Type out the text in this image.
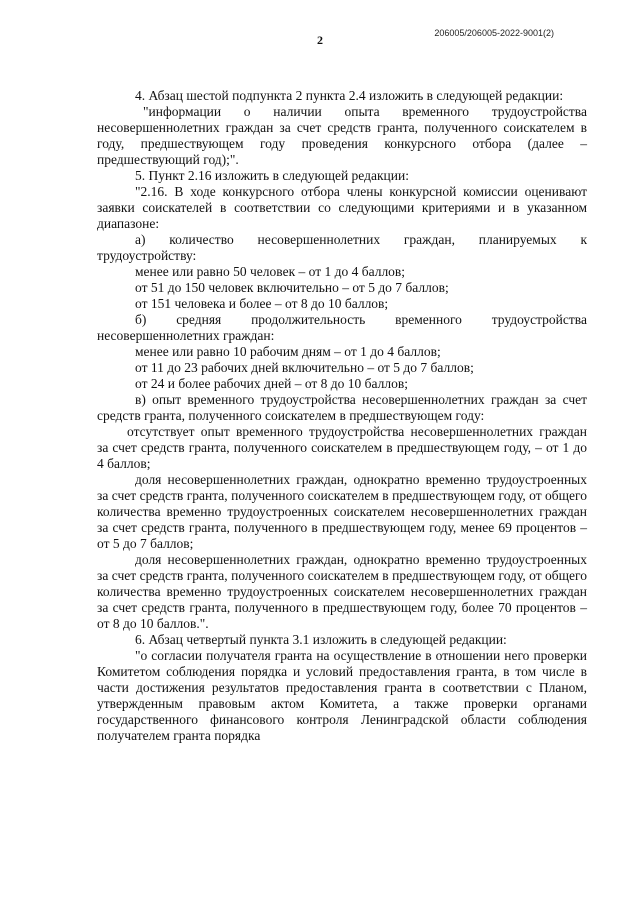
206005/206005-2022-9001(2)
2

4. Абзац шестой подпункта 2 пункта 2.4 изложить в следующей редакции:

"информации о наличии опыта временного трудоустройства несовершеннолетних граждан за счет средств гранта, полученного соискателем в году, предшествующем году проведения конкурсного отбора (далее – предшествующий год);".

5. Пункт 2.16 изложить в следующей редакции:

"2.16. В ходе конкурсного отбора члены конкурсной комиссии оценивают заявки соискателей в соответствии со следующими критериями и в указанном диапазоне:

а) количество несовершеннолетних граждан, планируемых к трудоустройству:

менее или равно 50 человек – от 1 до 4 баллов;

от 51 до 150 человек включительно – от 5 до 7 баллов;

от 151 человека и более – от 8 до 10 баллов;

б) средняя продолжительность временного трудоустройства несовершеннолетних граждан:

менее или равно 10 рабочим дням – от 1 до 4 баллов;

от 11 до 23 рабочих дней включительно – от 5 до 7 баллов;

от 24 и более рабочих дней – от 8 до 10 баллов;

в) опыт временного трудоустройства несовершеннолетних граждан за счет средств гранта, полученного соискателем в предшествующем году:

отсутствует опыт временного трудоустройства несовершеннолетних граждан за счет средств гранта, полученного соискателем в предшествующем году, – от 1 до 4 баллов;

доля несовершеннолетних граждан, однократно временно трудоустроенных за счет средств гранта, полученного соискателем в предшествующем году, от общего количества временно трудоустроенных соискателем несовершеннолетних граждан за счет средств гранта, полученного в предшествующем году, менее 69 процентов – от 5 до 7 баллов;

доля несовершеннолетних граждан, однократно временно трудоустроенных за счет средств гранта, полученного соискателем в предшествующем году, от общего количества временно трудоустроенных соискателем несовершеннолетних граждан за счет средств гранта, полученного в предшествующем году, более 70 процентов – от 8 до 10 баллов.".

6. Абзац четвертый пункта 3.1 изложить в следующей редакции:

"о согласии получателя гранта на осуществление в отношении него проверки Комитетом соблюдения порядка и условий предоставления гранта, в том числе в части достижения результатов предоставления гранта в соответствии с Планом, утвержденным правовым актом Комитета, а также проверки органами государственного финансового контроля Ленинградской области соблюдения получателем гранта порядка
